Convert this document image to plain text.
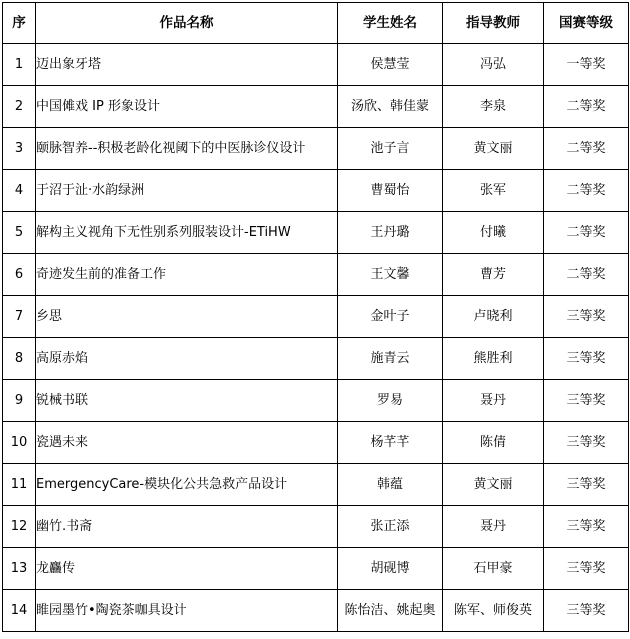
序	作品名称	学生姓名	指导教师	国赛等级
1	迈出象牙塔	侯慧莹	冯弘	一等奖
2	中国傩戏 IP 形象设计	汤欣、韩佳蒙	李泉	二等奖
3	颐脉智养--积极老龄化视阈下的中医脉诊仪设计	池子言	黄文丽	二等奖
4	于沼于沚·水韵绿洲	曹蜀怡	张军	二等奖
5	解构主义视角下无性别系列服装设计-ETiHW	王丹璐	付曦	二等奖
6	奇迹发生前的准备工作	王文馨	曹芳	二等奖
7	乡思	金叶子	卢晓利	三等奖
8	高原赤焰	施青云	熊胜利	三等奖
9	锐械书联	罗易	聂丹	三等奖
10	瓷遇未来	杨芊芊	陈倩	三等奖
11	EmergencyCare-模块化公共急救产品设计	韩蕴	黄文丽	三等奖
12	幽竹.书斋	张正添	聂丹	三等奖
13	龙麤传	胡砚博	石甲豪	三等奖
14	睢园墨竹•陶瓷茶咖具设计	陈怡洁、姚起奥	陈军、师俊英	三等奖
